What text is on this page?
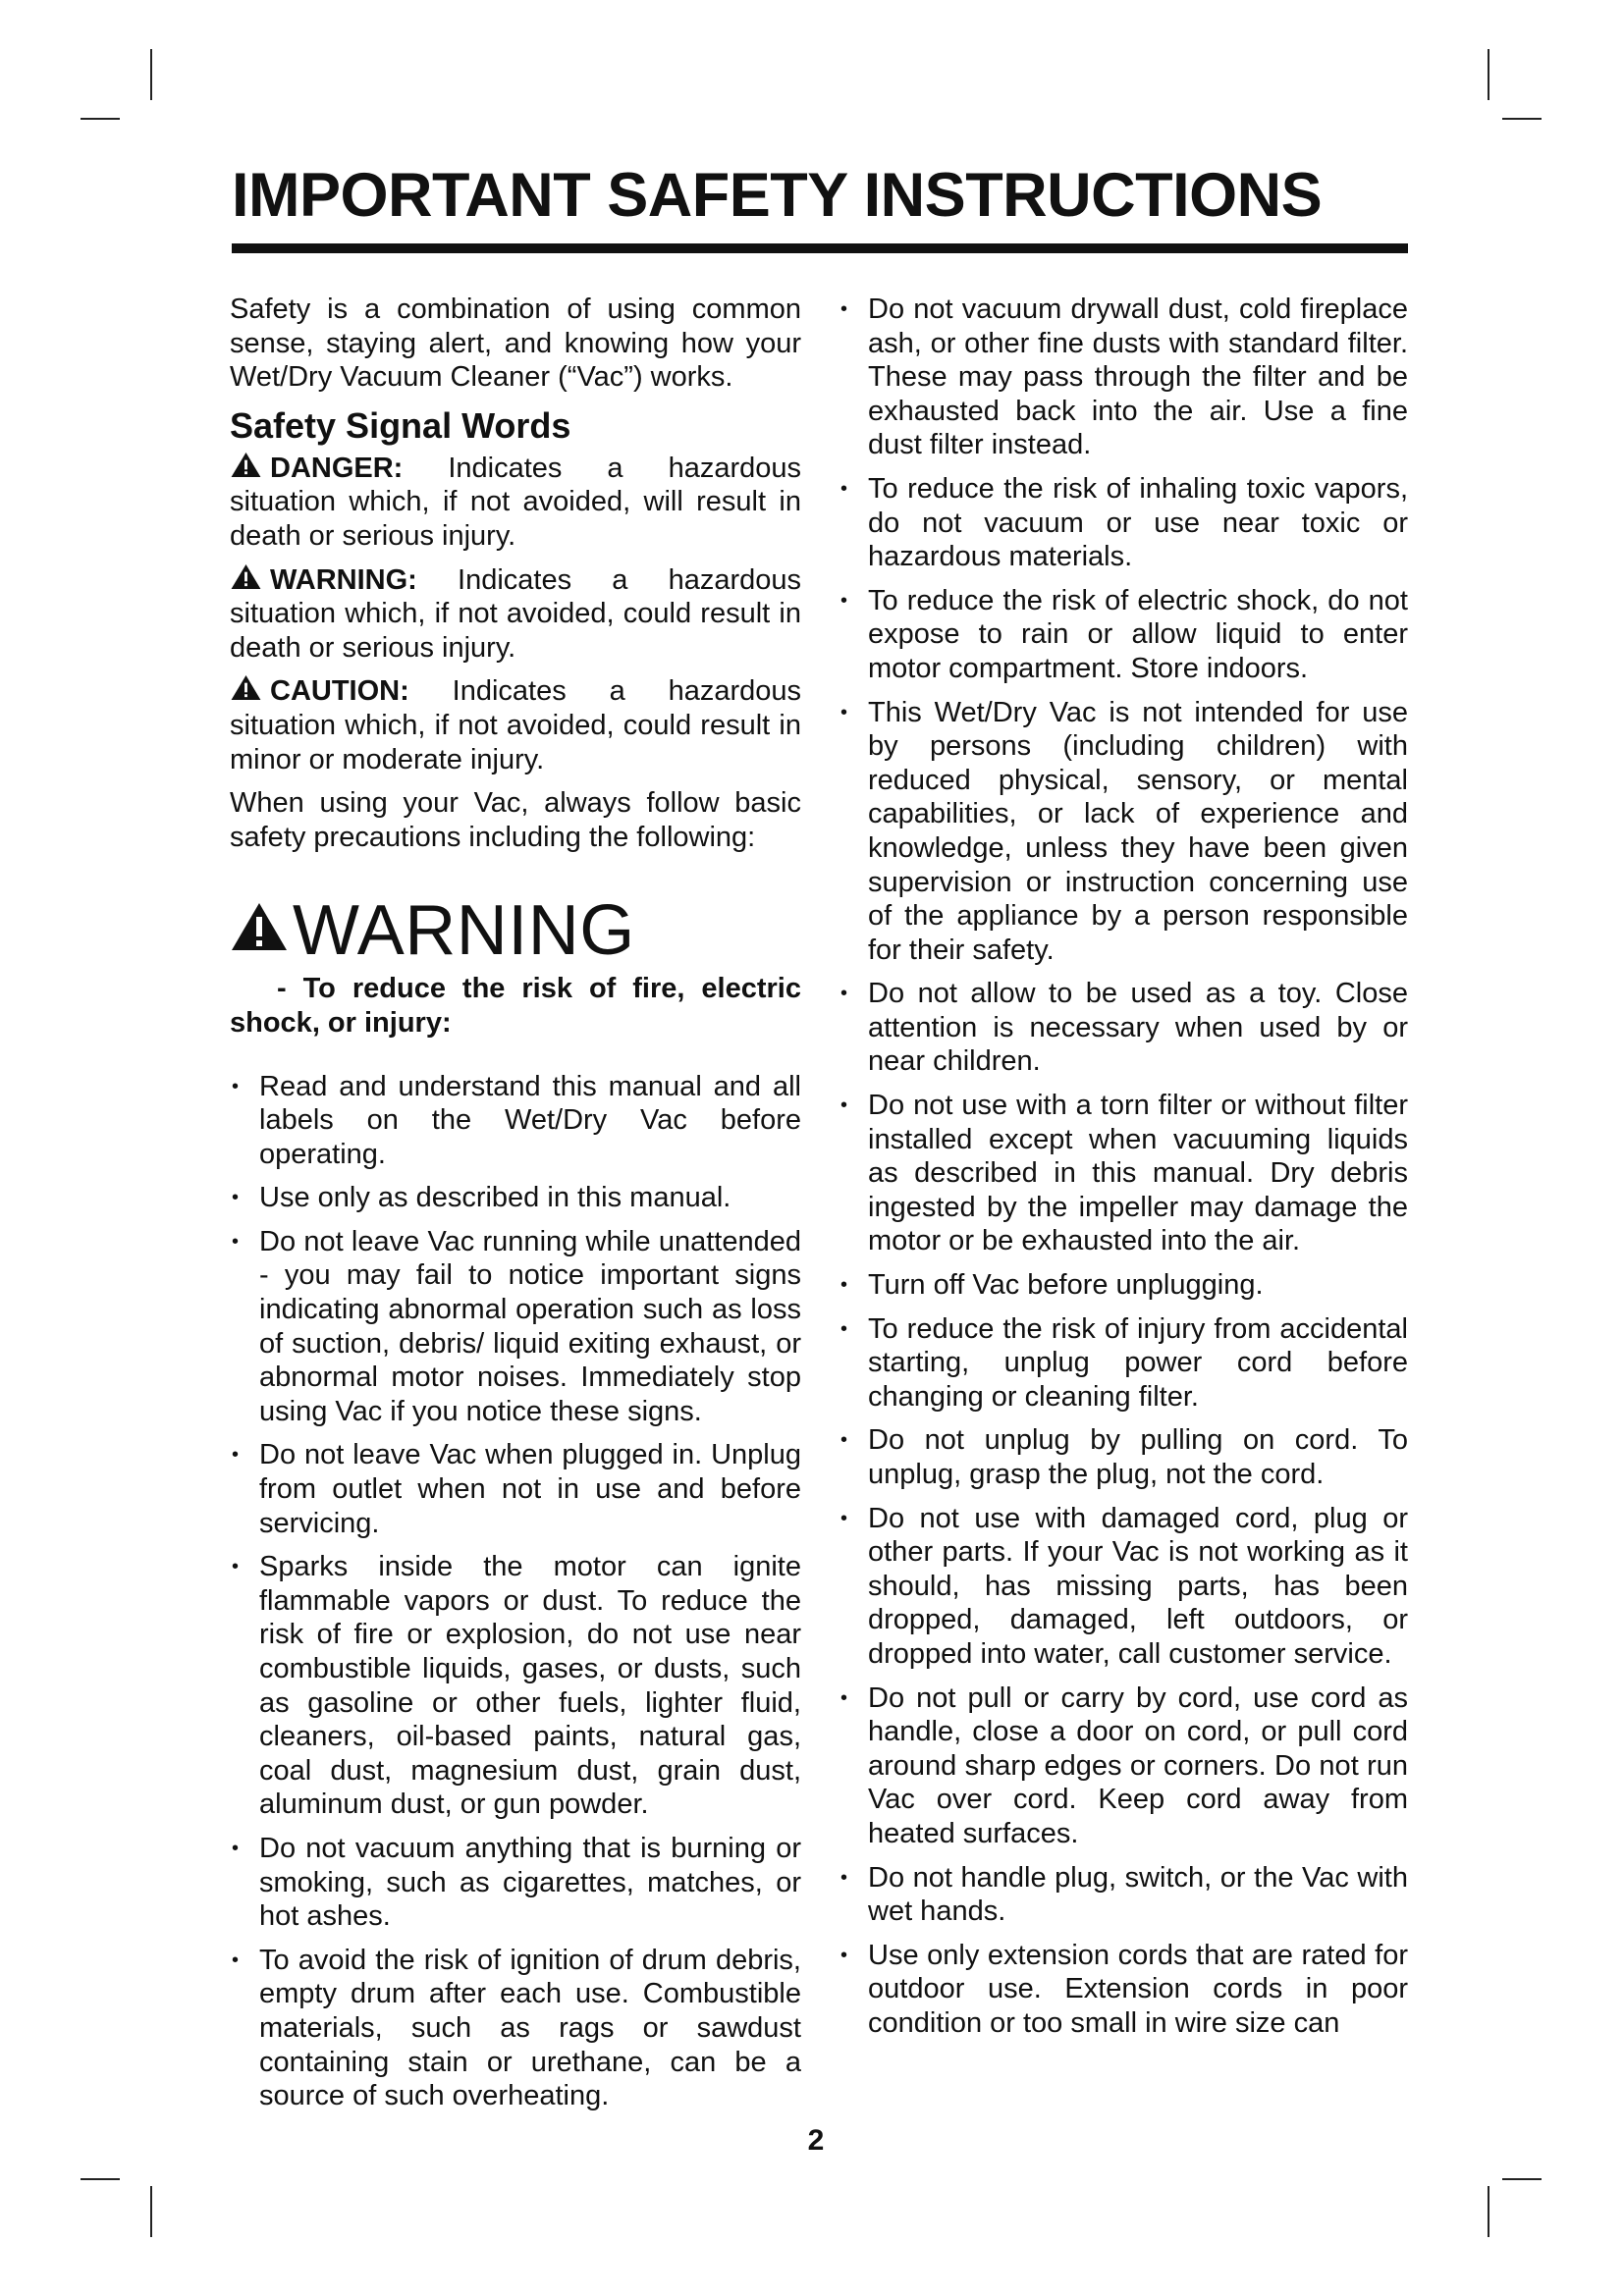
IMPORTANT SAFETY INSTRUCTIONS

Safety is a combination of using common sense, staying alert, and knowing how your Wet/Dry Vacuum Cleaner (“Vac”) works.

Safety Signal Words
DANGER: Indicates a hazardous situation which, if not avoided, will result in death or serious injury.
WARNING: Indicates a hazardous situation which, if not avoided, could result in death or serious injury.
CAUTION: Indicates a hazardous situation which, if not avoided, could result in minor or moderate injury.

When using your Vac, always follow basic safety precautions including the following:

WARNING
- To reduce the risk of fire, electric shock, or injury:
• Read and understand this manual and all labels on the Wet/Dry Vac before operating.
• Use only as described in this manual.
• Do not leave Vac running while unattended - you may fail to notice important signs indicating abnormal operation such as loss of suction, debris/ liquid exiting exhaust, or abnormal motor noises. Immediately stop using Vac if you notice these signs.
• Do not leave Vac when plugged in. Unplug from outlet when not in use and before servicing.
• Sparks inside the motor can ignite flammable vapors or dust. To reduce the risk of fire or explosion, do not use near combustible liquids, gases, or dusts, such as gasoline or other fuels, lighter fluid, cleaners, oil-based paints, natural gas, coal dust, magnesium dust, grain dust, aluminum dust, or gun powder.
• Do not vacuum anything that is burning or smoking, such as cigarettes, matches, or hot ashes.
• To avoid the risk of ignition of drum debris, empty drum after each use. Combustible materials, such as rags or sawdust containing stain or urethane, can be a source of such overheating.
• Do not vacuum drywall dust, cold fireplace ash, or other fine dusts with standard filter. These may pass through the filter and be exhausted back into the air. Use a fine dust filter instead.
• To reduce the risk of inhaling toxic vapors, do not vacuum or use near toxic or hazardous materials.
• To reduce the risk of electric shock, do not expose to rain or allow liquid to enter motor compartment. Store indoors.
• This Wet/Dry Vac is not intended for use by persons (including children) with reduced physical, sensory, or mental capabilities, or lack of experience and knowledge, unless they have been given supervision or instruction concerning use of the appliance by a person responsible for their safety.
• Do not allow to be used as a toy. Close attention is necessary when used by or near children.
• Do not use with a torn filter or without filter installed except when vacuuming liquids as described in this manual. Dry debris ingested by the impeller may damage the motor or be exhausted into the air.
• Turn off Vac before unplugging.
• To reduce the risk of injury from accidental starting, unplug power cord before changing or cleaning filter.
• Do not unplug by pulling on cord. To unplug, grasp the plug, not the cord.
• Do not use with damaged cord, plug or other parts. If your Vac is not working as it should, has missing parts, has been dropped, damaged, left outdoors, or dropped into water, call customer service.
• Do not pull or carry by cord, use cord as handle, close a door on cord, or pull cord around sharp edges or corners. Do not run Vac over cord. Keep cord away from heated surfaces.
• Do not handle plug, switch, or the Vac with wet hands.
• Use only extension cords that are rated for outdoor use. Extension cords in poor condition or too small in wire size can
2
